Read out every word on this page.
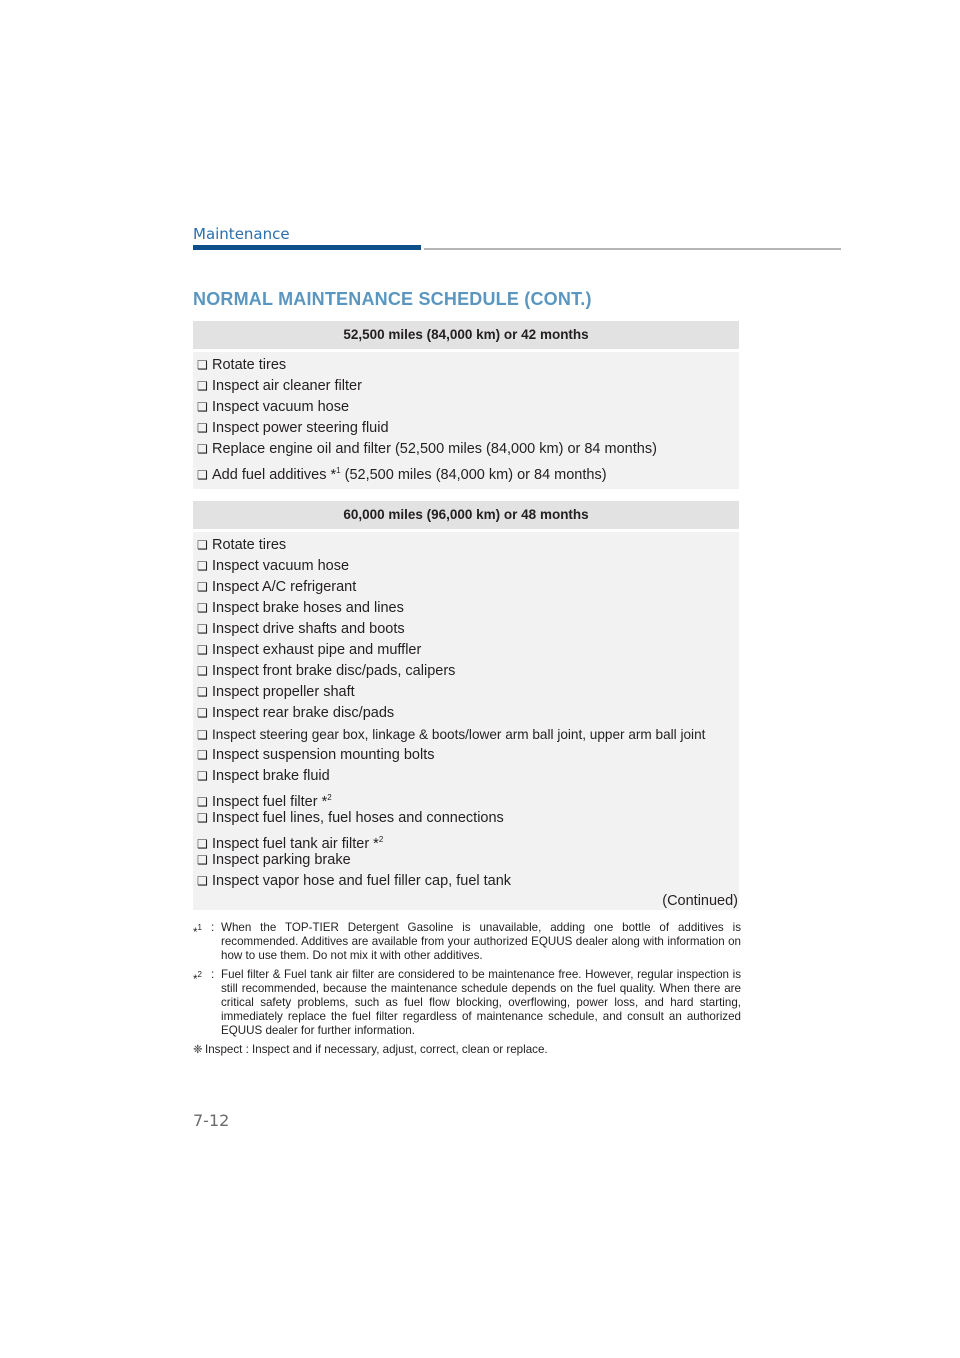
Maintenance
NORMAL MAINTENANCE SCHEDULE (CONT.)
52,500 miles (84,000 km) or 42 months
❑ Rotate tires
❑ Inspect air cleaner filter
❑ Inspect vacuum hose
❑ Inspect power steering fluid
❑ Replace engine oil and filter (52,500 miles (84,000 km) or 84 months)
❑ Add fuel additives *$^1$ (52,500 miles (84,000 km) or 84 months)
60,000 miles (96,000 km) or 48 months
❑ Rotate tires
❑ Inspect vacuum hose
❑ Inspect A/C refrigerant
❑ Inspect brake hoses and lines
❑ Inspect drive shafts and boots
❑ Inspect exhaust pipe and muffler
❑ Inspect front brake disc/pads, calipers
❑ Inspect propeller shaft
❑ Inspect rear brake disc/pads
❑ Inspect steering gear box, linkage & boots/lower arm ball joint, upper arm ball joint
❑ Inspect suspension mounting bolts
❑ Inspect brake fluid
❑ Inspect fuel filter *$^2$
❑ Inspect fuel lines, fuel hoses and connections
❑ Inspect fuel tank air filter *$^2$
❑ Inspect parking brake
❑ Inspect vapor hose and fuel filler cap, fuel tank
(Continued)
*$^1$ : When the TOP-TIER Detergent Gasoline is unavailable, adding one bottle of additives is recommended. Additives are available from your authorized EQUUS dealer along with information on how to use them. Do not mix it with other additives.
*$^2$ : Fuel filter & Fuel tank air filter are considered to be maintenance free. However, regular inspection is still recommended, because the maintenance schedule depends on the fuel quality. When there are critical safety problems, such as fuel flow blocking, overflowing, power loss, and hard starting, immediately replace the fuel filter regardless of maintenance schedule, and consult an authorized EQUUS dealer for further information.
❈ Inspect : Inspect and if necessary, adjust, correct, clean or replace.
7-12
